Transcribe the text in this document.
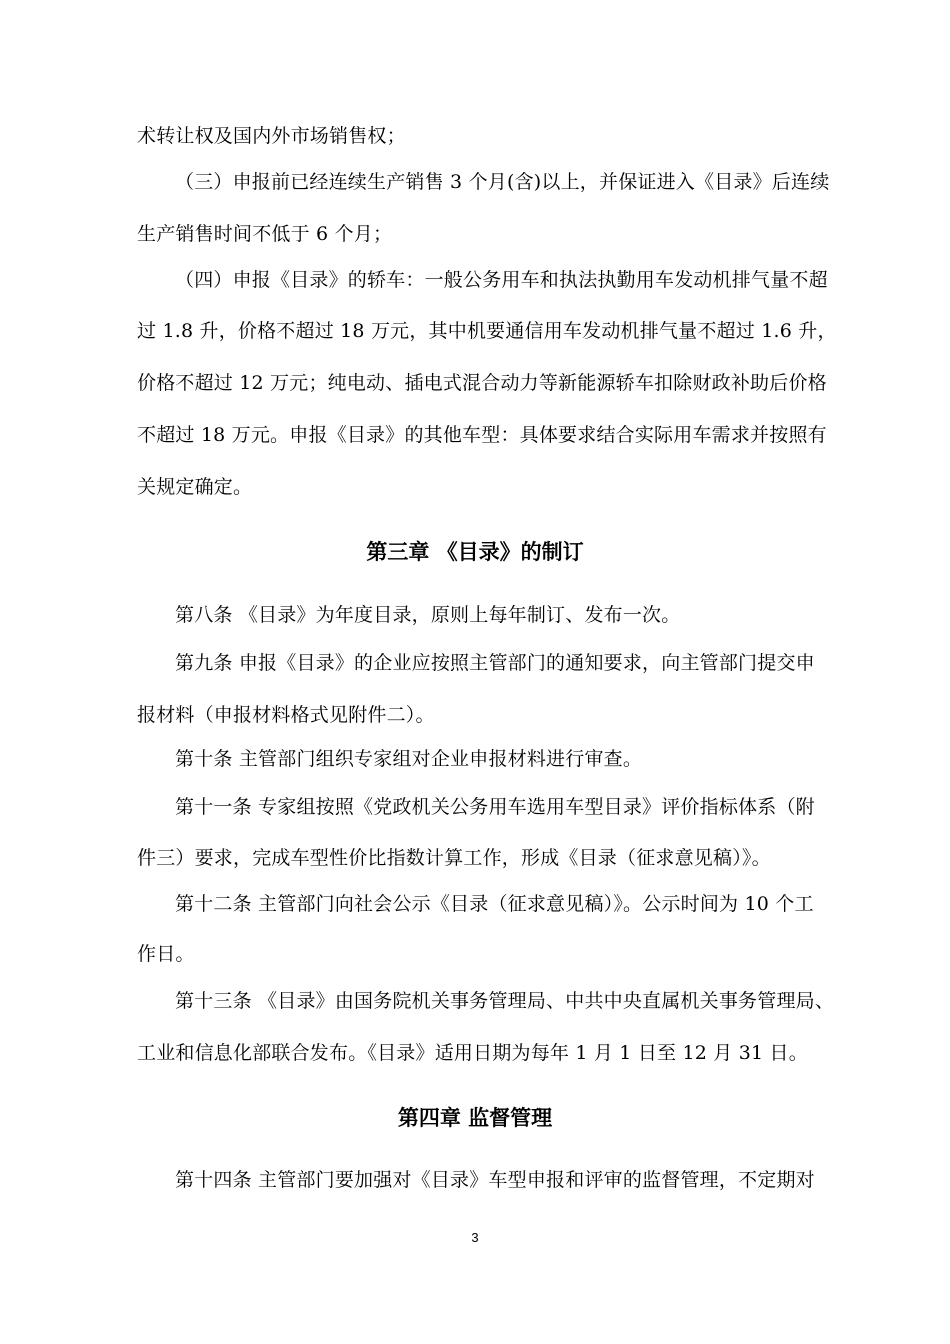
术转让权及国内外市场销售权；
（三）申报前已经连续生产销售 3 个月(含)以上，并保证进入《目录》后连续
生产销售时间不低于 6 个月；
（四）申报《目录》的轿车：一般公务用车和执法执勤用车发动机排气量不超
过 1.8 升，价格不超过 18 万元，其中机要通信用车发动机排气量不超过 1.6 升，
价格不超过 12 万元；纯电动、插电式混合动力等新能源轿车扣除财政补助后价格
不超过 18 万元。申报《目录》的其他车型：具体要求结合实际用车需求并按照有
关规定确定。
第三章 《目录》的制订
第八条 《目录》为年度目录，原则上每年制订、发布一次。
第九条 申报《目录》的企业应按照主管部门的通知要求，向主管部门提交申
报材料（申报材料格式见附件二）。
第十条 主管部门组织专家组对企业申报材料进行审查。
第十一条 专家组按照《党政机关公务用车选用车型目录》评价指标体系（附
件三）要求，完成车型性价比指数计算工作，形成《目录（征求意见稿）》。
第十二条 主管部门向社会公示《目录（征求意见稿）》。公示时间为 10 个工
作日。
第十三条 《目录》由国务院机关事务管理局、中共中央直属机关事务管理局、
工业和信息化部联合发布。《目录》适用日期为每年 1 月 1 日至 12 月 31 日。
第四章 监督管理
第十四条 主管部门要加强对《目录》车型申报和评审的监督管理，不定期对
3
